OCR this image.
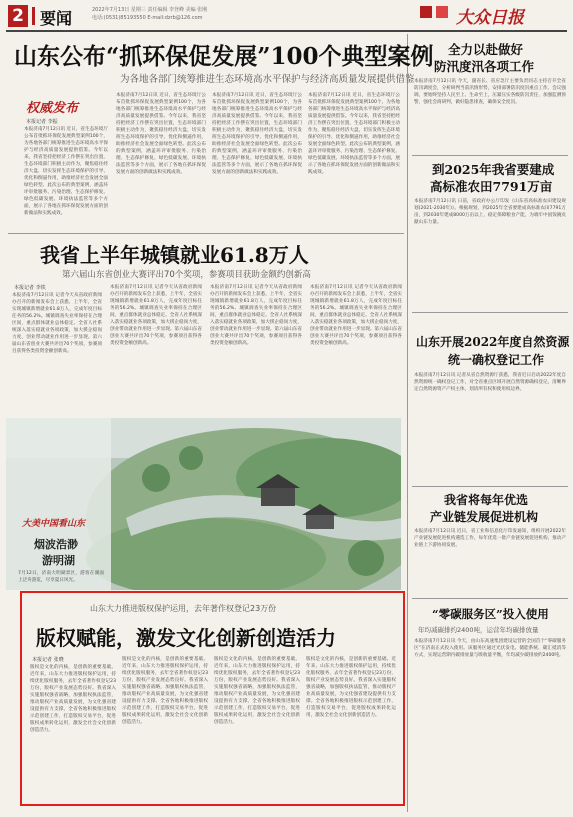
2 要闻	2022年7月13日 星期三 责任编辑 李登峰 美编 张刚
电话:(0531)85193550 E-mail:dzrb@126.com	大众日报
山东公布“抓环保促发展”100个典型案例
为各地各部门统筹推进生态环境高水平保护与经济高质量发展提供借鉴
权威发布
本报记者 李振
本报济南7月12日讯 近日，省生态环境厅公布首批抓环保促发展典型案例100个，为各地各部门统筹推进生态环境高水平保护与经济高质量发展提供借鉴。今年以来，我省坚持把经济工作摆在突出位置，生态环境部门积极主动作为，聚焦稳住经济大盘，切实发挥生态环境保护的引导、优化和倒逼作用，助推经济社会发展全面绿色转型。此次公布的典型案例，涵盖环评审批服务、污染治理、生态保护修复、绿色低碳发展、环境执法监管等多个方面，展示了各地在抓环保促发展方面的创新做法和实践成效。
本报济南7月12日讯 近日，省生态环境厅公布首批抓环保促发展典型案例100个，为各地各部门统筹推进生态环境高水平保护与经济高质量发展提供借鉴。今年以来，我省坚持把经济工作摆在突出位置，生态环境部门积极主动作为，聚焦稳住经济大盘，切实发挥生态环境保护的引导、优化和倒逼作用，助推经济社会发展全面绿色转型。此次公布的典型案例，涵盖环评审批服务、污染治理、生态保护修复、绿色低碳发展、环境执法监管等多个方面，展示了各地在抓环保促发展方面的创新做法和实践成效。
本报济南7月12日讯 近日，省生态环境厅公布首批抓环保促发展典型案例100个，为各地各部门统筹推进生态环境高水平保护与经济高质量发展提供借鉴。今年以来，我省坚持把经济工作摆在突出位置，生态环境部门积极主动作为，聚焦稳住经济大盘，切实发挥生态环境保护的引导、优化和倒逼作用，助推经济社会发展全面绿色转型。此次公布的典型案例，涵盖环评审批服务、污染治理、生态保护修复、绿色低碳发展、环境执法监管等多个方面，展示了各地在抓环保促发展方面的创新做法和实践成效。
本报济南7月12日讯 近日，省生态环境厅公布首批抓环保促发展典型案例100个，为各地各部门统筹推进生态环境高水平保护与经济高质量发展提供借鉴。今年以来，我省坚持把经济工作摆在突出位置，生态环境部门积极主动作为，聚焦稳住经济大盘，切实发挥生态环境保护的引导、优化和倒逼作用，助推经济社会发展全面绿色转型。此次公布的典型案例，涵盖环评审批服务、污染治理、生态保护修复、绿色低碳发展、环境执法监管等多个方面，展示了各地在抓环保促发展方面的创新做法和实践成效。
我省上半年城镇就业61.8万人
第六届山东省创业大赛评出70个奖项，参赛项目获助金额约创新高
本报记者 李铁
本报济南7月12日讯 记者今天从省政府新闻办召开的新闻发布会上获悉，上半年，全省实现城镇新增就业61.8万人，完成年度目标任务的56.2%。城镇调查失业率保持在合理区间，重点群体就业总体稳定。全省人社系统深入落实稳就业各项政策，加大援企稳岗力度，创业带动就业作用进一步显现。第六届山东省创业大赛共评出70个奖项，参赛项目获得各类投资金额创新高。
本报济南7月12日讯 记者今天从省政府新闻办召开的新闻发布会上获悉，上半年，全省实现城镇新增就业61.8万人，完成年度目标任务的56.2%。城镇调查失业率保持在合理区间，重点群体就业总体稳定。全省人社系统深入落实稳就业各项政策，加大援企稳岗力度，创业带动就业作用进一步显现。第六届山东省创业大赛共评出70个奖项，参赛项目获得各类投资金额创新高。
本报济南7月12日讯 记者今天从省政府新闻办召开的新闻发布会上获悉，上半年，全省实现城镇新增就业61.8万人，完成年度目标任务的56.2%。城镇调查失业率保持在合理区间，重点群体就业总体稳定。全省人社系统深入落实稳就业各项政策，加大援企稳岗力度，创业带动就业作用进一步显现。第六届山东省创业大赛共评出70个奖项，参赛项目获得各类投资金额创新高。
本报济南7月12日讯 记者今天从省政府新闻办召开的新闻发布会上获悉，上半年，全省实现城镇新增就业61.8万人，完成年度目标任务的56.2%。城镇调查失业率保持在合理区间，重点群体就业总体稳定。全省人社系统深入落实稳就业各项政策，加大援企稳岗力度，创业带动就业作用进一步显现。第六届山东省创业大赛共评出70个奖项，参赛项目获得各类投资金额创新高。
大美中国看山东
烟波浩渺
游明湖
7月12日，济南大明湖景区，游客在湖面上泛舟游览，尽享夏日风光。
山东大力推进版权保护运用，去年著作权登记23万份
版权赋能，激发文化创新创造活力
本报记者 张晓
版权是文化的内核，是创新的重要基础。近年来，山东大力推进版权保护运用，持续优化版权服务，去年全省著作权登记23万份，版权产业发展态势良好。我省深入实施版权强省战略，加强版权执法监管，推动版权产业高质量发展，为文化强省建设提供有力支撑。全省各地积极推进版权示范创建工作，打造版权交易平台，促进版权成果转化运用，激发全社会文化创新创造活力。
版权是文化的内核，是创新的重要基础。近年来，山东大力推进版权保护运用，持续优化版权服务，去年全省著作权登记23万份，版权产业发展态势良好。我省深入实施版权强省战略，加强版权执法监管，推动版权产业高质量发展，为文化强省建设提供有力支撑。全省各地积极推进版权示范创建工作，打造版权交易平台，促进版权成果转化运用，激发全社会文化创新创造活力。
版权是文化的内核，是创新的重要基础。近年来，山东大力推进版权保护运用，持续优化版权服务，去年全省著作权登记23万份，版权产业发展态势良好。我省深入实施版权强省战略，加强版权执法监管，推动版权产业高质量发展，为文化强省建设提供有力支撑。全省各地积极推进版权示范创建工作，打造版权交易平台，促进版权成果转化运用，激发全社会文化创新创造活力。
版权是文化的内核，是创新的重要基础。近年来，山东大力推进版权保护运用，持续优化版权服务，去年全省著作权登记23万份，版权产业发展态势良好。我省深入实施版权强省战略，加强版权执法监管，推动版权产业高质量发展，为文化强省建设提供有力支撑。全省各地积极推进版权示范创建工作，打造版权交易平台，促进版权成果转化运用，激发全社会文化创新创造活力。
全力以赴做好
防汛度汛各项工作
本报济南7月12日讯 今天，副省长、省应急厅主要负责同志主持召开全省防汛调度会，分析研判当前汛情形势，安排部署防汛度汛重点工作。会议强调，要始终坚持人民至上、生命至上，压紧压实各级防汛责任，加强监测预警，强化会商研判，做好隐患排查，确保安全度汛。
到2025年我省要建成
高标准农田7791万亩
本报济南7月12日讯 日前，省政府办公厅印发《山东省高标准农田建设规划(2021-2030年)》。根据规划，到2025年全省要建成高标准农田7791万亩，到2030年建成8000万亩以上，稳定保障粮食产能，为端牢中国饭碗贡献山东力量。
山东开展2022年度自然资源
统一确权登记工作
本报济南7月12日讯 记者从省自然资源厅获悉，我省近日启动2022年度自然资源统一确权登记工作，对全省重点区域开展自然资源确权登记，清晰界定自然资源资产产权主体，划清所有权和使用权边界。
我省将每年优选
产业链发展促进机构
本报济南7月12日讯 近日，省工业和信息化厅印发通知，组织开展2022年产业链发展促进机构遴选工作，每年优选一批产业链发展促进机构，推动产业链上下游协同发展。
“零碳服务区”投入使用
年均减碳排约2400吨，运营年均碳排放量
本报济南7月12日讯 今天，由山东高速集团建设运营的全国首个“零碳服务区”在济南正式投入使用。该服务区通过光伏发电、储能系统、碳汇抵消等方式，实现运营期内碳排放量与吸收量平衡，年均减少碳排放约2400吨。
